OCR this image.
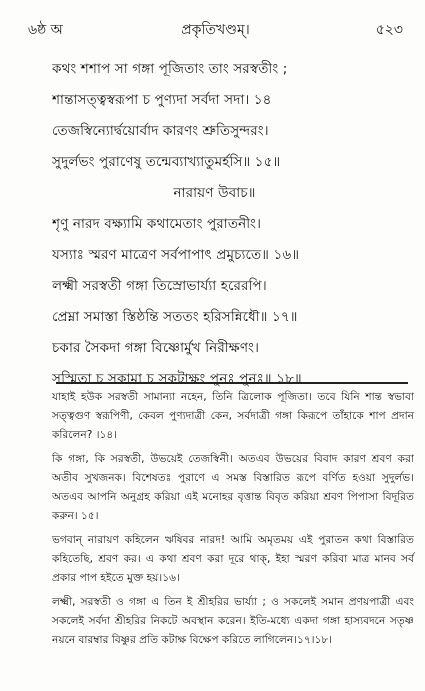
৬ষ্ঠ অ	প্রকৃতিখণ্ডম্‌।	৫২৩
কথং শশাপ সা গঙ্গা পূজিতাং তাং সরস্বতীং ;
শান্তাসত্ত্বস্বরূপা চ পুণ্যদা সর্বদা সদা। ১৪
তেজস্বিন্যোর্দ্বয়োর্বাদ কারণং শ্রুতিসুন্দরং।
সুদুর্লভং পুরাণেষু তন্মেব্যাখ্যাতুমর্হসি॥ ১৫॥
নারায়ণ উবাচ॥
শৃণু নারদ বক্ষ্যামি কথামেতাং পুরাতনীং।
যস্যাঃ স্মরণ মাত্রেণ সর্বপাপাৎ প্রমুচ্যতে॥ ১৬॥
লক্ষ্মী সরস্বতী গঙ্গা তিস্রোভার্য্যা হরেরপি।
প্রেম্না সমাস্তা স্তিষ্ঠন্তি সততং হরিসন্নিধৌ॥ ১৭॥
চকার সৈকদা গঙ্গা বিষ্ণোর্মুখ নিরীক্ষণং।
সস্মিতা চ সকামা চ সকটাক্ষং পুনঃ পুনঃ॥ ১৮॥

যাহাই হউক সরস্বতী সামান্যা নহেন, তিনি ত্রিলোক পূজিতা। তবে যিনি শান্ত স্বভাবা সত্ত্বগুণ স্বরূপিণী, কেবল পুণ্যদাত্রী কেন, সর্বদাত্রী গঙ্গা কিরূপে তাঁহাকে শাপ প্রদান করিলেন? ।১৪।

কি গঙ্গা, কি সরস্বতী, উভয়েই তেজস্বিনী। অতএব উভয়ের বিবাদ কারণ শ্রবণ করা অতীব সুখজনক। বিশেষতঃ পুরাণে এ সমস্ত বিস্তারিত রূপে বর্ণিত হওয়া সুদুর্লভ। অতএব আপনি অনুগ্রহ করিয়া এই মনোহর বৃত্তান্ত বিবৃত করিয়া শ্রবণ পিপাসা বিদূরিত করুন। ১৫।

ভগবান্‌ নারায়ণ কহিলেন ঋষিবর নারদ! আমি অমৃতময় এই পুরাতন কথা বিস্তারিত কহিতেছি, শ্রবণ কর। এ কথা শ্রবণ করা দূরে থাক্‌, ইহা স্মরণ করিবা মাত্র মানব সর্ব প্রকার পাপ হইতে মুক্ত হয়।১৬।

লক্ষ্মী, সরস্বতী ও গঙ্গা এ তিন ই শ্রীহরির ভার্য্যা ; ও সকলেই সমান প্রণয়পাত্রী এবং সকলেই সর্বদা শ্রীহরির নিকটে অবস্থান করেন। ইতি-মধ্যে একদা গঙ্গা হাস্যবদনে সতৃষ্ণ নয়নে বারম্বার বিষ্ণুর প্রতি কটাক্ষ বিক্ষেপ করিতে লাগিলেন।১৭।১৮।
